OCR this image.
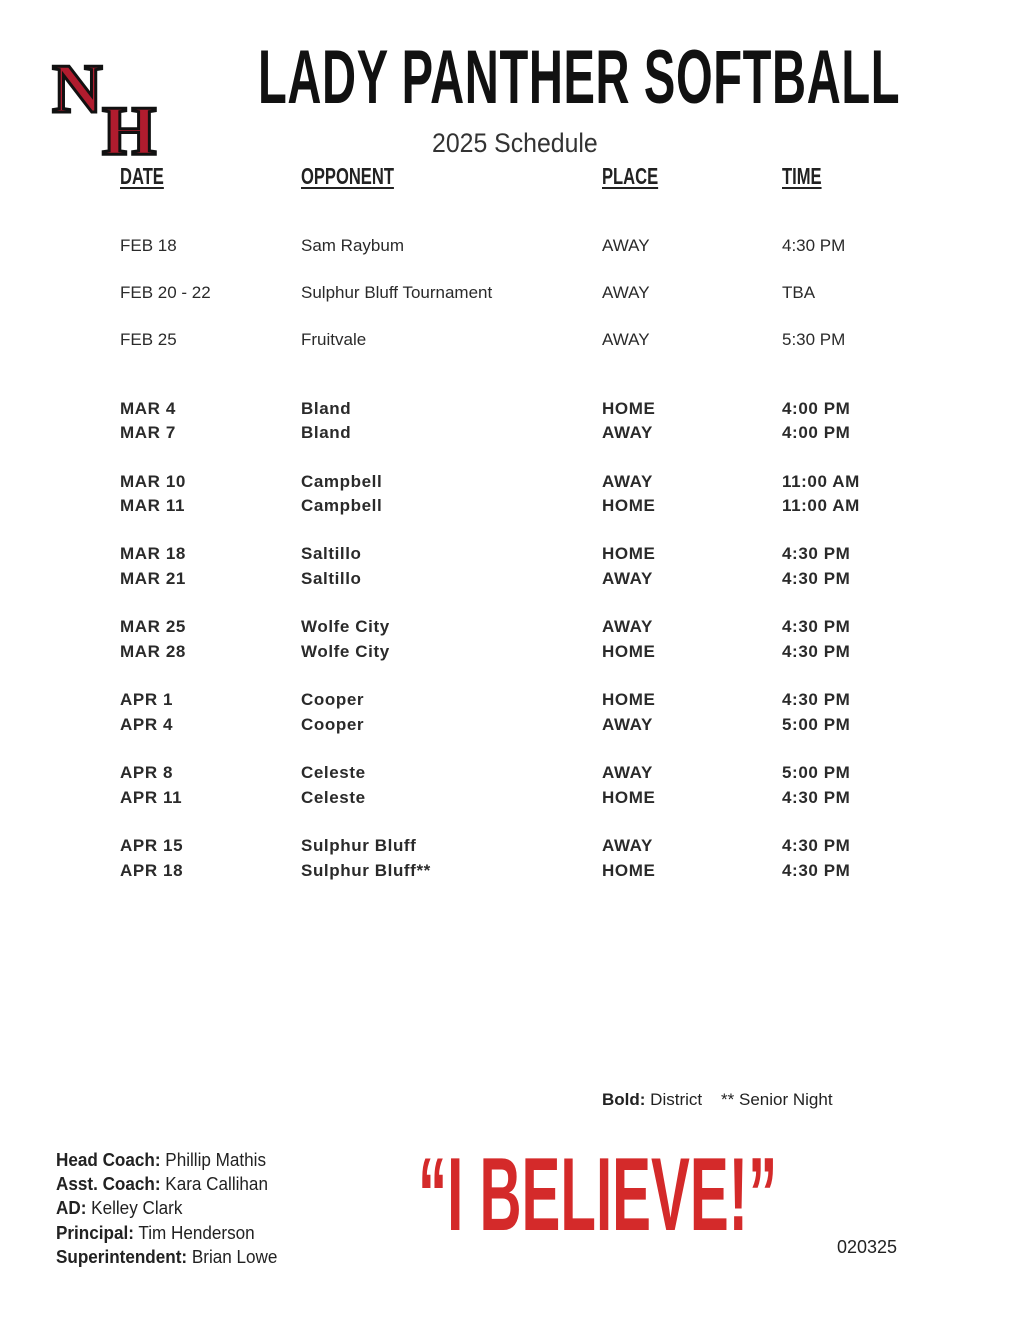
N
H
LADY PANTHER SOFTBALL
2025 Schedule
DATE	OPPONENT	PLACE	TIME
FEB 18	Sam Raybum	AWAY	4:30 PM
FEB 20 - 22	Sulphur Bluff Tournament	AWAY	TBA
FEB 25	Fruitvale	AWAY	5:30 PM
MAR 4	Bland	HOME	4:00 PM
MAR 7	Bland	AWAY	4:00 PM
MAR 10	Campbell	AWAY	11:00 AM
MAR 11	Campbell	HOME	11:00 AM
MAR 18	Saltillo	HOME	4:30 PM
MAR 21	Saltillo	AWAY	4:30 PM
MAR 25	Wolfe City	AWAY	4:30 PM
MAR 28	Wolfe City	HOME	4:30 PM
APR 1	Cooper	HOME	4:30 PM
APR 4	Cooper	AWAY	5:00 PM
APR 8	Celeste	AWAY	5:00 PM
APR 11	Celeste	HOME	4:30 PM
APR 15	Sulphur Bluff	AWAY	4:30 PM
APR 18	Sulphur Bluff**	HOME	4:30 PM
Bold: District ** Senior Night
Head Coach: Phillip Mathis
Asst. Coach: Kara Callihan
AD: Kelley Clark
Principal: Tim Henderson
Superintendent: Brian Lowe
“I BELIEVE!”	020325
